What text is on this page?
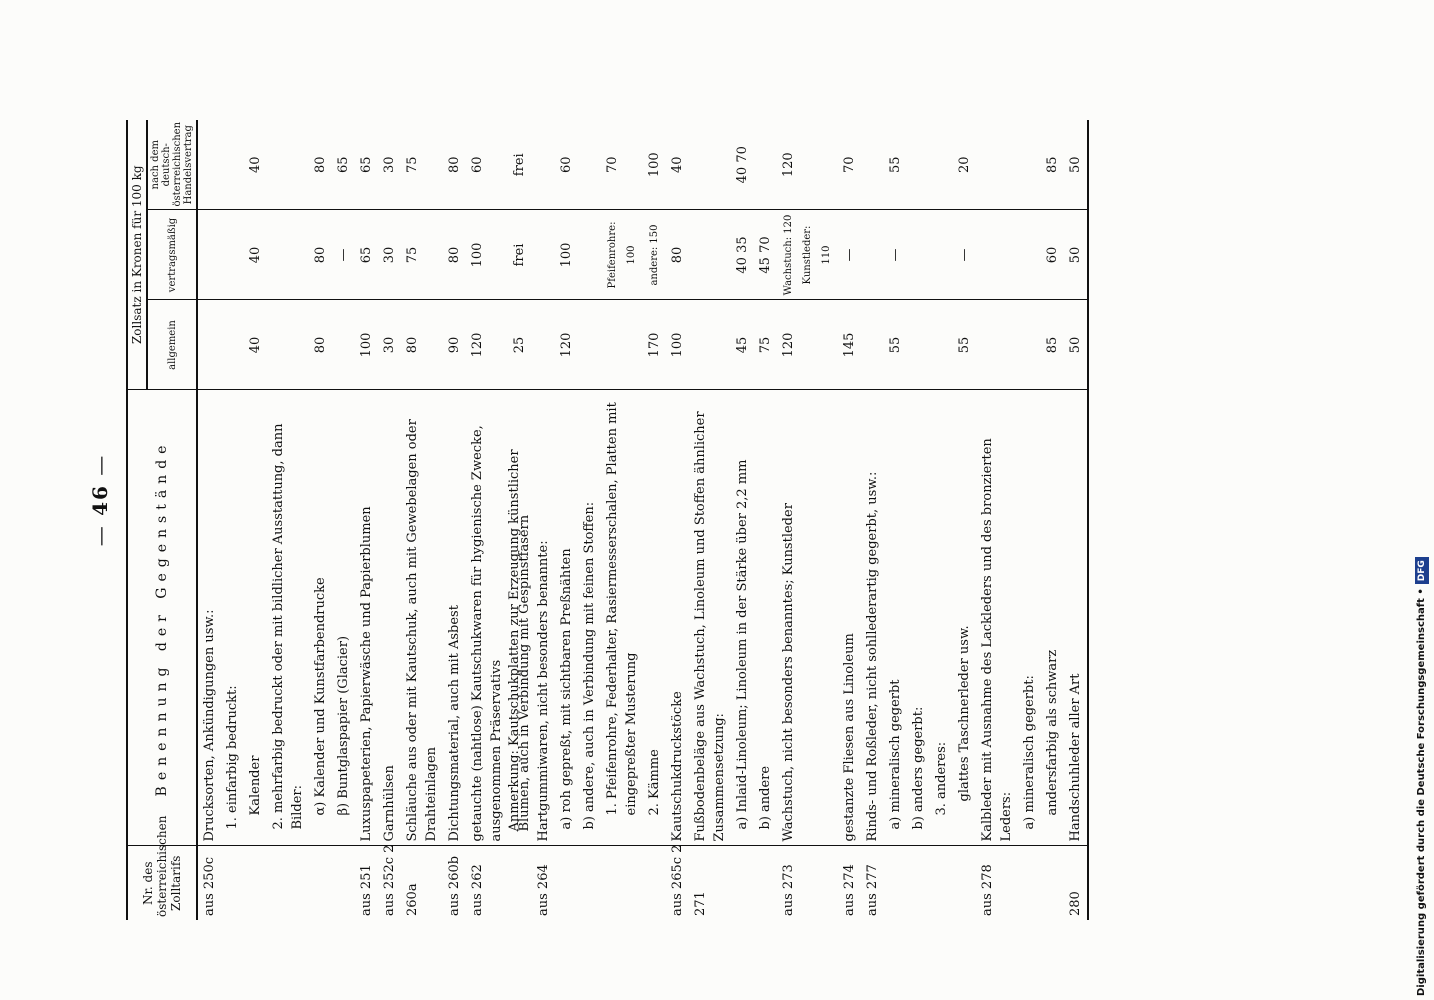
— 46 —
Nr. des österreichischen Zolltarifs	Benennung der Gegenstände	Zollsatz in Kronen für 100 kg		
		allgemein	vertragsmäßig	nach dem deutsch-österreichischen Handelsvertrag
aus 250c	Drucksorten, Ankündigungen usw.:			
	1. einfarbig bedruckt:			
	Kalender	40	40	40
	2. mehrfarbig bedruckt oder mit bildlicher Ausstattung, dann Bilder:			
	α) Kalender und Kunstfarbendrucke	80	80	80
	β) Buntglaspapier (Glacier)		—	65
aus 251	Luxuspapeterien, Papierwäsche und Papierblumen	100	65	65
aus 252c 2	Garnhülsen	30	30	30
260a	Schläuche aus oder mit Kautschuk, auch mit Gewebelagen oder Drahteinlagen	80	75	75
aus 260b	Dichtungsmaterial, auch mit Asbest	90	80	80
aus 262	getauchte (nahtlose) Kautschukwaren für hygienische Zwecke, ausgenommen Präservativs	120	100	60
	Anmerkung: Kautschukplatten zur Erzeugung künstlicher Blumen, auch in Verbindung mit Gespinstfasern	25	frei	frei
aus 264	Hartgummiwaren, nicht besonders benannte:			
	a) roh gepreßt, mit sichtbaren Preßnähten	120	100	60
	b) andere, auch in Verbindung mit feinen Stoffen:			
	1. Pfeifenrohre, Federhalter, Rasiermesserschalen, Platten mit eingepreßter Musterung		Pfeifenrohre: 100	70
	2. Kämme	170	andere: 150	100
aus 265c 2	Kautschukdruckstöcke	100	80	40
271	Fußbodenbeläge aus Wachstuch, Linoleum und Stoffen ähnlicher Zusammensetzung:			
	a) Inlaid-Linoleum; Linoleum in der Stärke über 2,2 mm	45	40 35	40 70
	b) andere	75	45 70	
aus 273	Wachstuch, nicht besonders benanntes; Kunstleder	120	Wachstuch: 120 Kunstleder: 110	120
aus 274	gestanzte Fliesen aus Linoleum	145	—	70
aus 277	Rinds- und Roßleder, nicht sohllederartig gegerbt, usw.:			
	a) mineralisch gegerbt	55	—	55
	b) anders gegerbt:			
	3. anderes:			
	glattes Taschnerleder usw.	55	—	20
aus 278	Kalbleder mit Ausnahme des Lackleders und des bronzierten Leders:			
	a) mineralisch gegerbt:			
	andersfarbig als schwarz	85	60	85
280	Handschuhleder aller Art	50	50	50
Digitalisierung gefördert durch die Deutsche Forschungsgemeinschaft •DFG
